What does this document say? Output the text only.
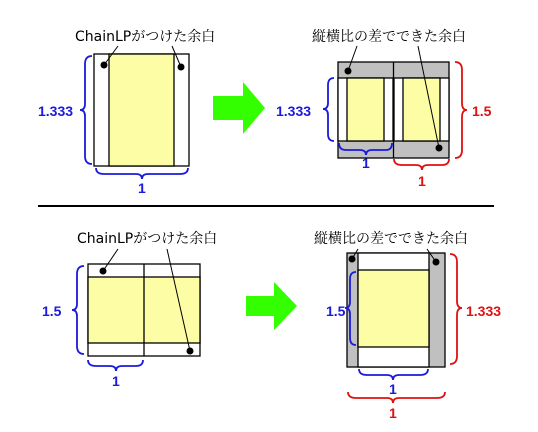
ChainLPがつけた余白
1.333
1
縦横比の差でできた余白
1.333	1.5
1
1
ChainLPがつけた余白
1.5
1
縦横比の差でできた余白
1.5	1.333
1
1
